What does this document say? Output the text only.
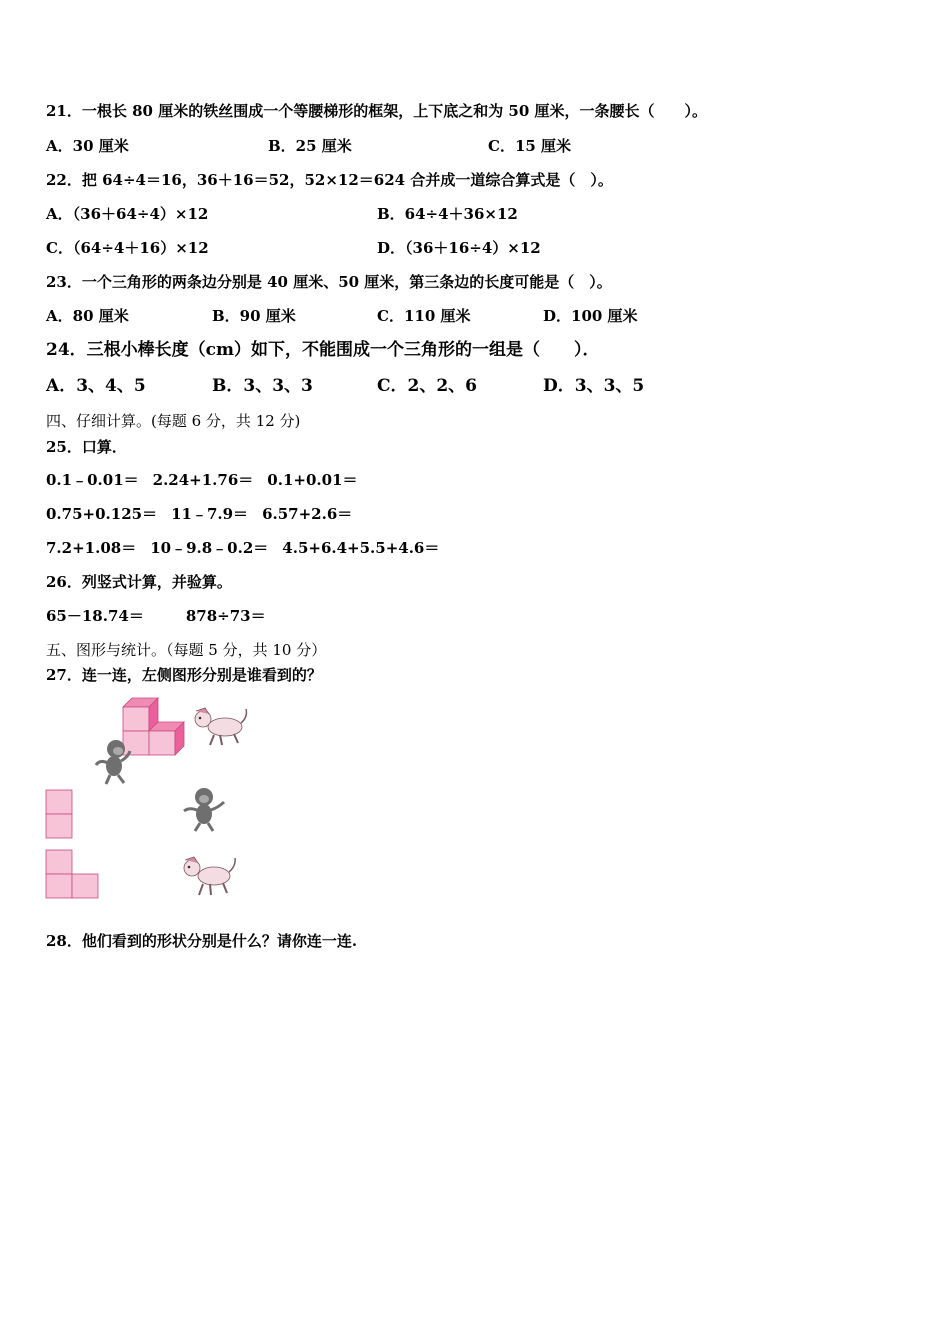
21．一根长 80 厘米的铁丝围成一个等腰梯形的框架，上下底之和为 50 厘米，一条腰长（　　）。
A．30 厘米	B．25 厘米	C．15 厘米
22．把 64÷4＝16，36＋16＝52，52×12＝624 合并成一道综合算式是（　）。
A．（36＋64÷4）×12	B．64÷4＋36×12
C．（64÷4＋16）×12	D．（36＋16÷4）×12
23．一个三角形的两条边分别是 40 厘米、50 厘米，第三条边的长度可能是（　）。
A．80 厘米	B．90 厘米	C．110 厘米	D．100 厘米
24．三根小棒长度（cm）如下，不能围成一个三角形的一组是（　　）．
A．3、4、5	B．3、3、3	C．2、2、6	D．3、3、5
四、仔细计算。(每题 6 分，共 12 分)
25．口算．
0.1﹣0.01＝ 2.24+1.76＝ 0.1+0.01＝
0.75+0.125＝ 11﹣7.9＝ 6.57+2.6＝
7.2+1.08＝ 10﹣9.8﹣0.2＝ 4.5+6.4+5.5+4.6＝
26．列竖式计算，并验算。
65－18.74＝	878÷73＝
五、图形与统计。（每题 5 分，共 10 分）
27．连一连，左侧图形分别是谁看到的？
28．他们看到的形状分别是什么？请你连一连.
